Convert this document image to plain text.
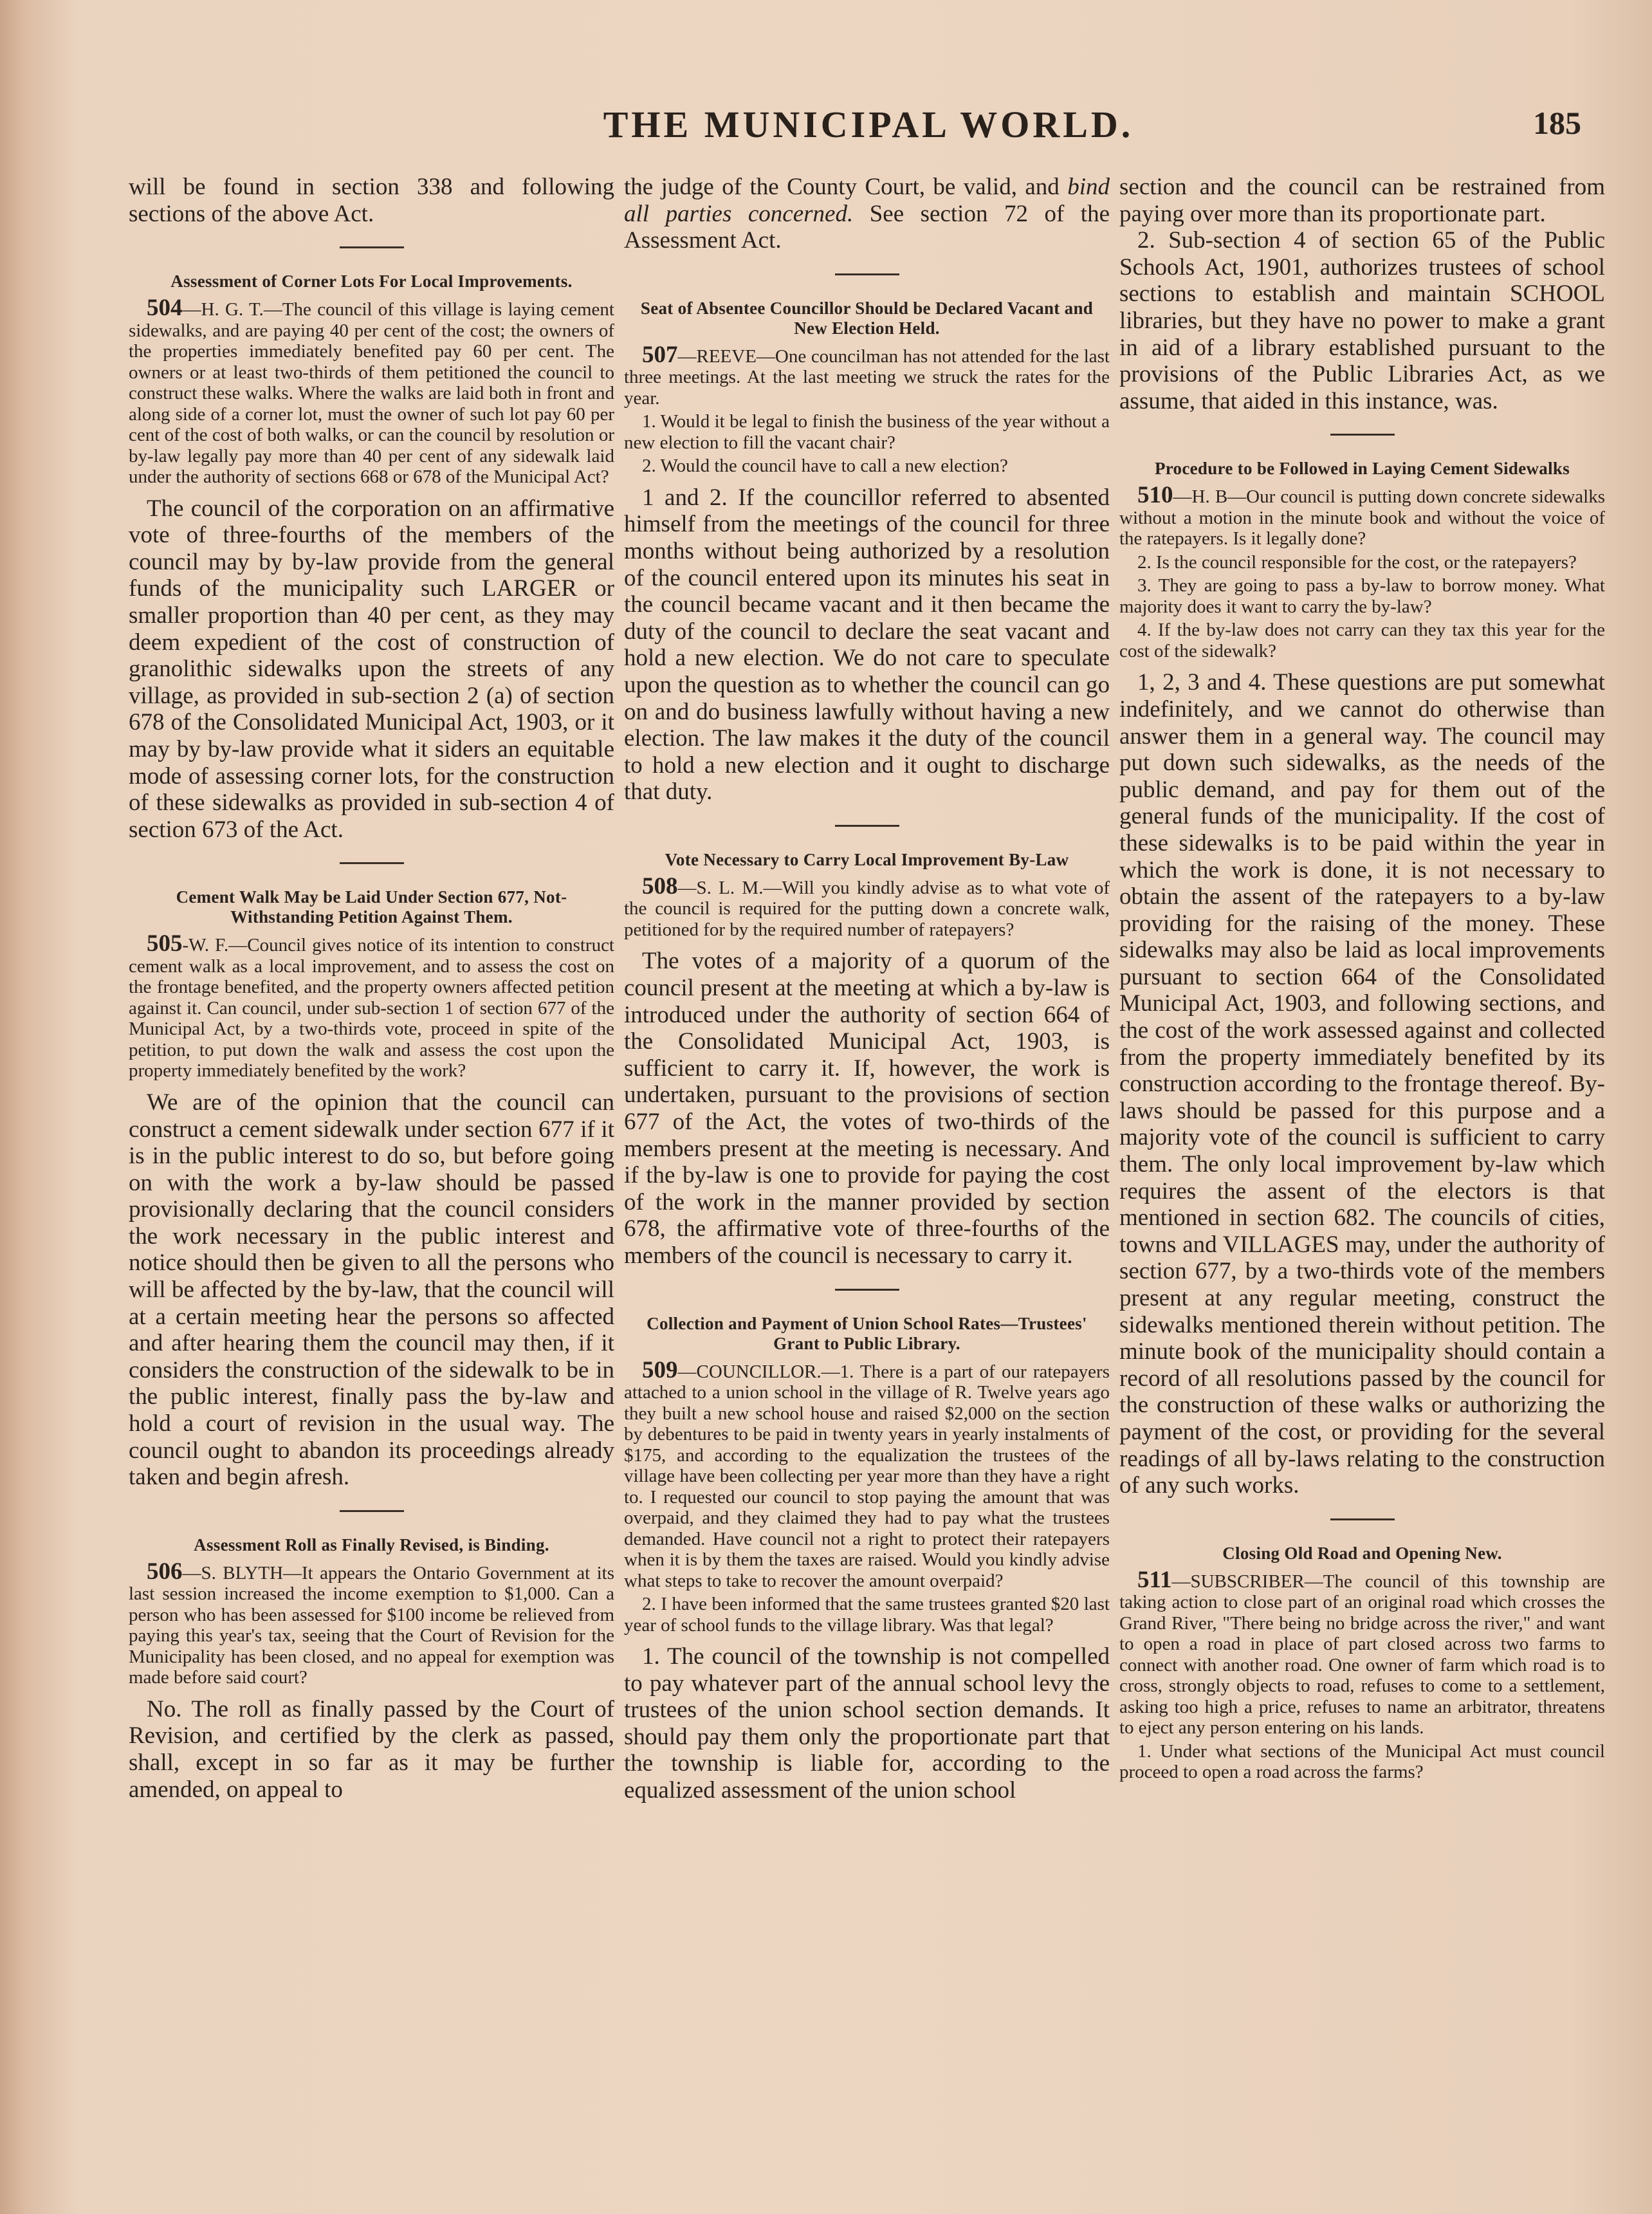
THE MUNICIPAL WORLD.	185

will be found in section 338 and following sections of the above Act.

Assessment of Corner Lots For Local Improvements.

504—H. G. T.—The council of this village is laying cement sidewalks, and are paying 40 per cent of the cost; the owners of the properties immediately benefited pay 60 per cent. The owners or at least two-thirds of them petitioned the council to construct these walks. Where the walks are laid both in front and along side of a corner lot, must the owner of such lot pay 60 per cent of the cost of both walks, or can the council by resolution or by-law legally pay more than 40 per cent of any sidewalk laid under the authority of sections 668 or 678 of the Municipal Act?

The council of the corporation on an affirmative vote of three-fourths of the members of the council may by by-law provide from the general funds of the municipality such LARGER or smaller proportion than 40 per cent, as they may deem expedient of the cost of construction of granolithic sidewalks upon the streets of any village, as provided in sub-section 2 (a) of section 678 of the Consolidated Municipal Act, 1903, or it may by by-law provide what it siders an equitable mode of assessing corner lots, for the construction of these sidewalks as provided in sub-section 4 of section 673 of the Act.

Cement Walk May be Laid Under Section 677, Not-Withstanding Petition Against Them.

505-W. F.—Council gives notice of its intention to construct cement walk as a local improvement, and to assess the cost on the frontage benefited, and the property owners affected petition against it. Can council, under sub-section 1 of section 677 of the Municipal Act, by a two-thirds vote, proceed in spite of the petition, to put down the walk and assess the cost upon the property immediately benefited by the work?

We are of the opinion that the council can construct a cement sidewalk under section 677 if it is in the public interest to do so, but before going on with the work a by-law should be passed provisionally declaring that the council considers the work necessary in the public interest and notice should then be given to all the persons who will be affected by the by-law, that the council will at a certain meeting hear the persons so affected and after hearing them the council may then, if it considers the construction of the sidewalk to be in the public interest, finally pass the by-law and hold a court of revision in the usual way. The council ought to abandon its proceedings already taken and begin afresh.

Assessment Roll as Finally Revised, is Binding.

506—S. BLYTH—It appears the Ontario Government at its last session increased the income exemption to $1,000. Can a person who has been assessed for $100 income be relieved from paying this year's tax, seeing that the Court of Revision for the Municipality has been closed, and no appeal for exemption was made before said court?

No. The roll as finally passed by the Court of Revision, and certified by the clerk as passed, shall, except in so far as it may be further amended, on appeal to

the judge of the County Court, be valid, and bind all parties concerned. See section 72 of the Assessment Act.

Seat of Absentee Councillor Should be Declared Vacant and New Election Held.

507—REEVE—One councilman has not attended for the last three meetings. At the last meeting we struck the rates for the year.

1. Would it be legal to finish the business of the year without a new election to fill the vacant chair?

2. Would the council have to call a new election?

1 and 2. If the councillor referred to absented himself from the meetings of the council for three months without being authorized by a resolution of the council entered upon its minutes his seat in the council became vacant and it then became the duty of the council to declare the seat vacant and hold a new election. We do not care to speculate upon the question as to whether the council can go on and do business lawfully without having a new election. The law makes it the duty of the council to hold a new election and it ought to discharge that duty.

Vote Necessary to Carry Local Improvement By-Law

508—S. L. M.—Will you kindly advise as to what vote of the council is required for the putting down a concrete walk, petitioned for by the required number of ratepayers?

The votes of a majority of a quorum of the council present at the meeting at which a by-law is introduced under the authority of section 664 of the Consolidated Municipal Act, 1903, is sufficient to carry it. If, however, the work is undertaken, pursuant to the provisions of section 677 of the Act, the votes of two-thirds of the members present at the meeting is necessary. And if the by-law is one to provide for paying the cost of the work in the manner provided by section 678, the affirmative vote of three-fourths of the members of the council is necessary to carry it.

Collection and Payment of Union School Rates—Trustees' Grant to Public Library.

509—COUNCILLOR.—1. There is a part of our ratepayers attached to a union school in the village of R. Twelve years ago they built a new school house and raised $2,000 on the section by debentures to be paid in twenty years in yearly instalments of $175, and according to the equalization the trustees of the village have been collecting per year more than they have a right to. I requested our council to stop paying the amount that was overpaid, and they claimed they had to pay what the trustees demanded. Have council not a right to protect their ratepayers when it is by them the taxes are raised. Would you kindly advise what steps to take to recover the amount overpaid?

2. I have been informed that the same trustees granted $20 last year of school funds to the village library. Was that legal?

1. The council of the township is not compelled to pay whatever part of the annual school levy the trustees of the union school section demands. It should pay them only the proportionate part that the township is liable for, according to the equalized assessment of the union school

section and the council can be restrained from paying over more than its proportionate part.

2. Sub-section 4 of section 65 of the Public Schools Act, 1901, authorizes trustees of school sections to establish and maintain SCHOOL libraries, but they have no power to make a grant in aid of a library established pursuant to the provisions of the Public Libraries Act, as we assume, that aided in this instance, was.

Procedure to be Followed in Laying Cement Sidewalks

510—H. B—Our council is putting down concrete sidewalks without a motion in the minute book and without the voice of the ratepayers. Is it legally done?

2. Is the council responsible for the cost, or the ratepayers?

3. They are going to pass a by-law to borrow money. What majority does it want to carry the by-law?

4. If the by-law does not carry can they tax this year for the cost of the sidewalk?

1, 2, 3 and 4. These questions are put somewhat indefinitely, and we cannot do otherwise than answer them in a general way. The council may put down such sidewalks, as the needs of the public demand, and pay for them out of the general funds of the municipality. If the cost of these sidewalks is to be paid within the year in which the work is done, it is not necessary to obtain the assent of the ratepayers to a by-law providing for the raising of the money. These sidewalks may also be laid as local improvements pursuant to section 664 of the Consolidated Municipal Act, 1903, and following sections, and the cost of the work assessed against and collected from the property immediately benefited by its construction according to the frontage thereof. By-laws should be passed for this purpose and a majority vote of the council is sufficient to carry them. The only local improvement by-law which requires the assent of the electors is that mentioned in section 682. The councils of cities, towns and VILLAGES may, under the authority of section 677, by a two-thirds vote of the members present at any regular meeting, construct the sidewalks mentioned therein without petition. The minute book of the municipality should contain a record of all resolutions passed by the council for the construction of these walks or authorizing the payment of the cost, or providing for the several readings of all by-laws relating to the construction of any such works.

Closing Old Road and Opening New.

511—SUBSCRIBER—The council of this township are taking action to close part of an original road which crosses the Grand River, "There being no bridge across the river," and want to open a road in place of part closed across two farms to connect with another road. One owner of farm which road is to cross, strongly objects to road, refuses to come to a settlement, asking too high a price, refuses to name an arbitrator, threatens to eject any person entering on his lands.

1. Under what sections of the Municipal Act must council proceed to open a road across the farms?
